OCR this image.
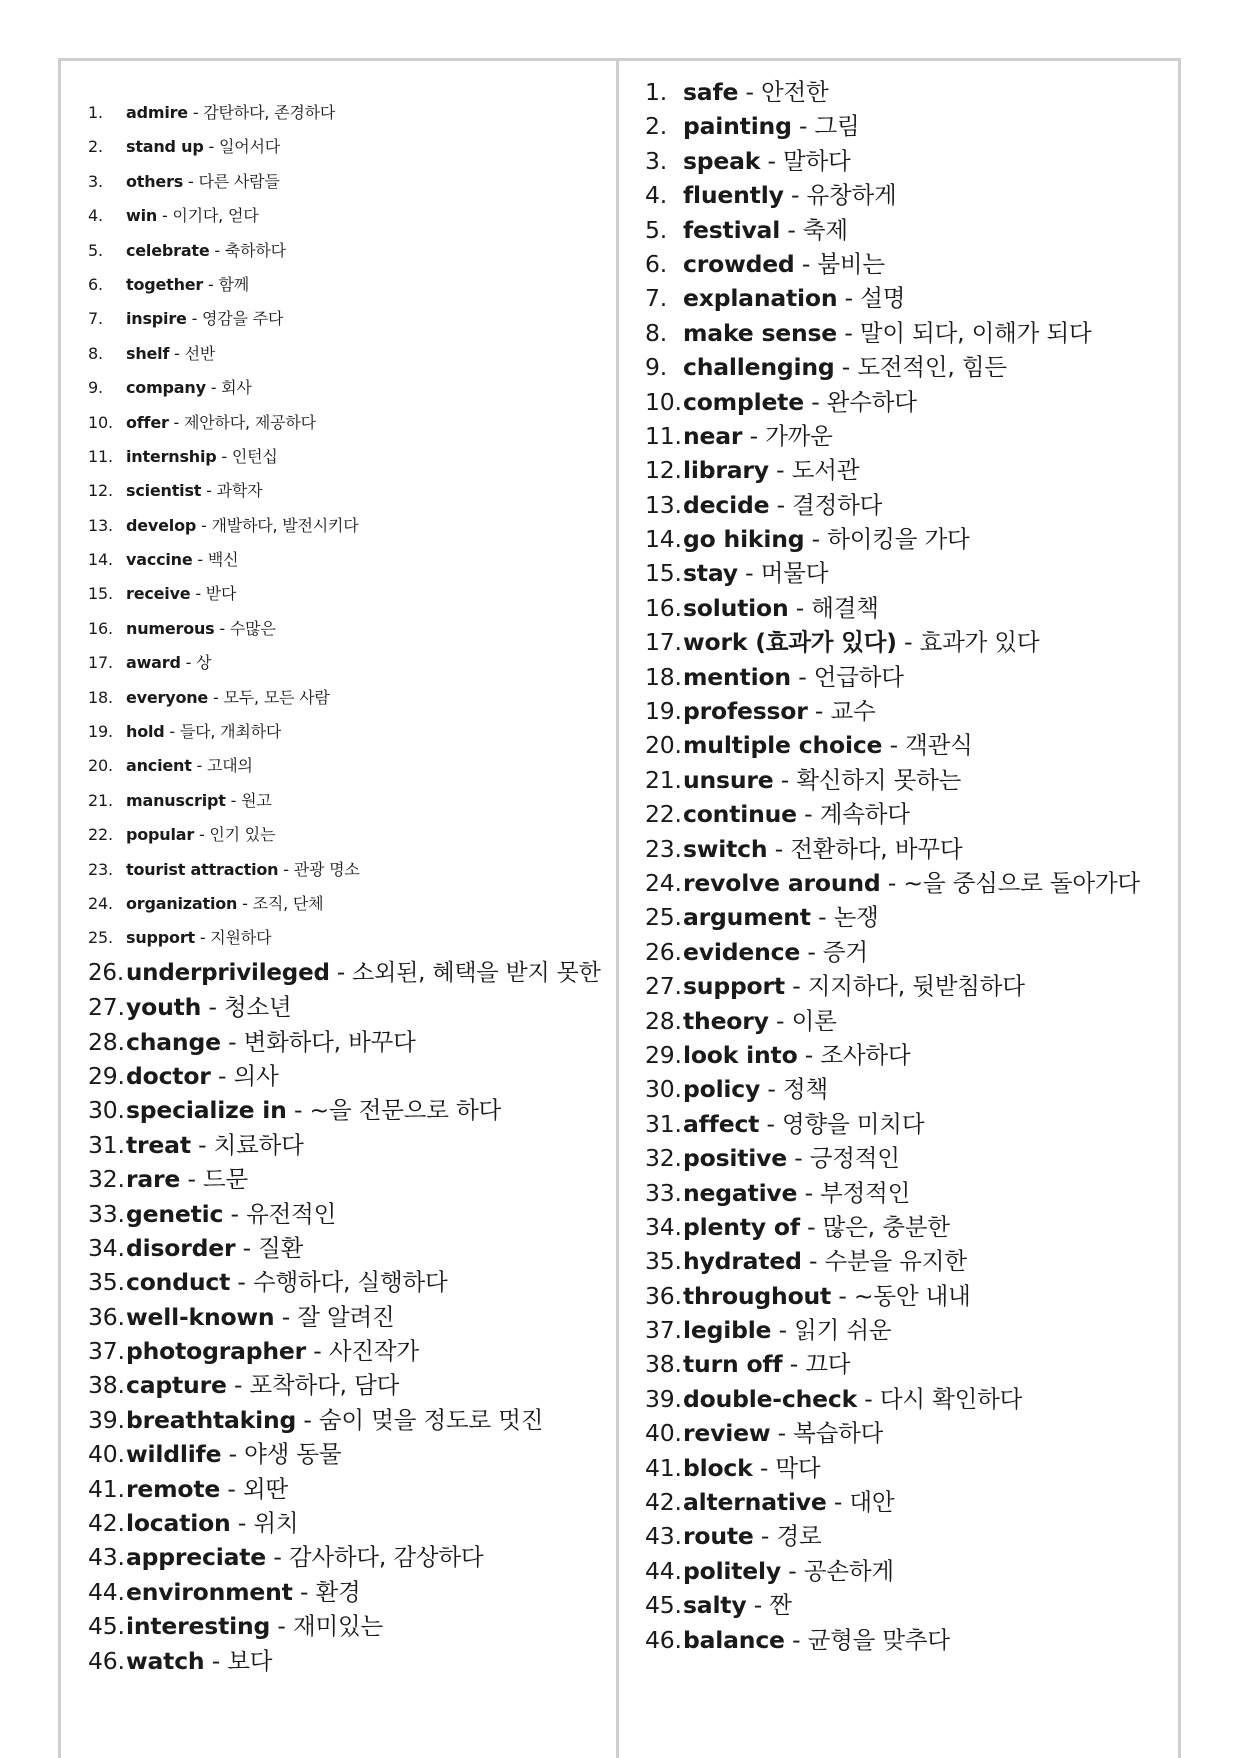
1. admire - 감탄하다, 존경하다
2. stand up - 일어서다
3. others - 다른 사람들
4. win - 이기다, 얻다
5. celebrate - 축하하다
6. together - 함께
7. inspire - 영감을 주다
8. shelf - 선반
9. company - 회사
10. offer - 제안하다, 제공하다
11. internship - 인턴십
12. scientist - 과학자
13. develop - 개발하다, 발전시키다
14. vaccine - 백신
15. receive - 받다
16. numerous - 수많은
17. award - 상
18. everyone - 모두, 모든 사람
19. hold - 들다, 개최하다
20. ancient - 고대의
21. manuscript - 원고
22. popular - 인기 있는
23. tourist attraction - 관광 명소
24. organization - 조직, 단체
25. support - 지원하다
26.underprivileged - 소외된, 혜택을 받지 못한
27.youth - 청소년
28.change - 변화하다, 바꾸다
29.doctor - 의사
30.specialize in - ~을 전문으로 하다
31.treat - 치료하다
32.rare - 드문
33.genetic - 유전적인
34.disorder - 질환
35.conduct - 수행하다, 실행하다
36.well-known - 잘 알려진
37.photographer - 사진작가
38.capture - 포착하다, 담다
39.breathtaking - 숨이 멎을 정도로 멋진
40.wildlife - 야생 동물
41.remote - 외딴
42.location - 위치
43.appreciate - 감사하다, 감상하다
44.environment - 환경
45.interesting - 재미있는
46.watch - 보다
1. safe - 안전한
2. painting - 그림
3. speak - 말하다
4. fluently - 유창하게
5. festival - 축제
6. crowded - 붐비는
7. explanation - 설명
8. make sense - 말이 되다, 이해가 되다
9. challenging - 도전적인, 힘든
10.complete - 완수하다
11.near - 가까운
12.library - 도서관
13.decide - 결정하다
14.go hiking - 하이킹을 가다
15.stay - 머물다
16.solution - 해결책
17.work (효과가 있다) - 효과가 있다
18.mention - 언급하다
19.professor - 교수
20.multiple choice - 객관식
21.unsure - 확신하지 못하는
22.continue - 계속하다
23.switch - 전환하다, 바꾸다
24.revolve around - ~을 중심으로 돌아가다
25.argument - 논쟁
26.evidence - 증거
27.support - 지지하다, 뒷받침하다
28.theory - 이론
29.look into - 조사하다
30.policy - 정책
31.affect - 영향을 미치다
32.positive - 긍정적인
33.negative - 부정적인
34.plenty of - 많은, 충분한
35.hydrated - 수분을 유지한
36.throughout - ~동안 내내
37.legible - 읽기 쉬운
38.turn off - 끄다
39.double-check - 다시 확인하다
40.review - 복습하다
41.block - 막다
42.alternative - 대안
43.route - 경로
44.politely - 공손하게
45.salty - 짠
46.balance - 균형을 맞추다
